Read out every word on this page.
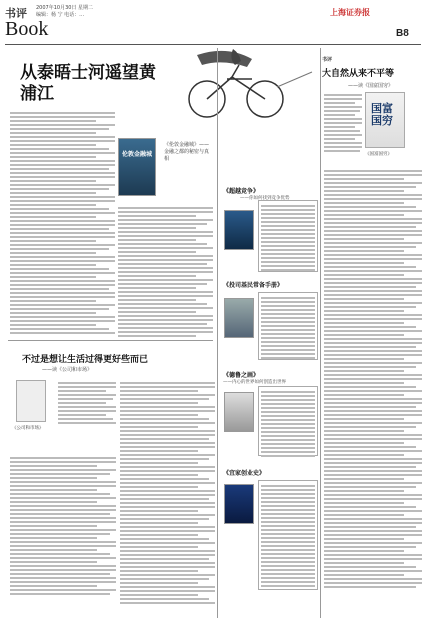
书评 2007年10月30日 星期二
编辑：杨 宁 电话：…
Book
上海证券报
B8
从泰晤士河遥望黄浦江
伦敦金融城
《伦敦金融城》——金融之都的秘密与真相
不过是想让生活过得更好些而已
——读《公司和市场》
《公司和市场》
《超越竞争》
——你如何找到竞争优势
《投司基民常备手册》
《德鲁之画》
——内心的世界如何创造出世界
《宜家创业史》
书评
大自然从来不平等
——读《国富国穷》
国富国穷
《国富国穷》
